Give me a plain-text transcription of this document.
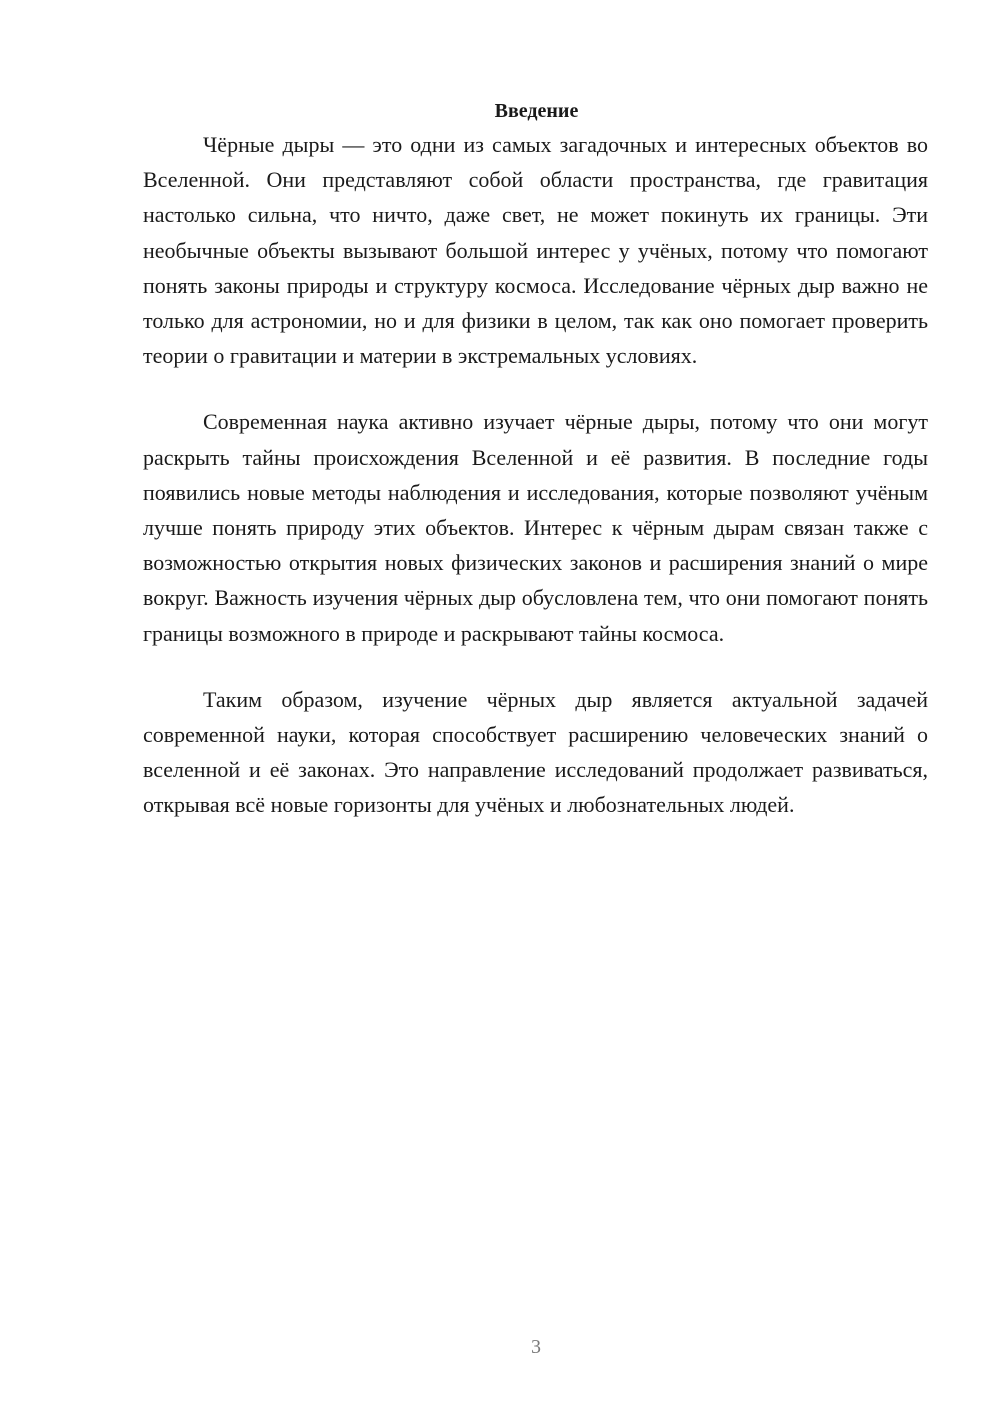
Введение

Чёрные дыры — это одни из самых загадочных и интересных объектов во Вселенной. Они представляют собой области пространства, где гравитация настолько сильна, что ничто, даже свет, не может покинуть их границы. Эти необычные объекты вызывают большой интерес у учёных, потому что помогают понять законы природы и структуру космоса. Исследование чёрных дыр важно не только для астрономии, но и для физики в целом, так как оно помогает проверить теории о гравитации и материи в экстремальных условиях.

Современная наука активно изучает чёрные дыры, потому что они могут раскрыть тайны происхождения Вселенной и её развития. В последние годы появились новые методы наблюдения и исследования, которые позволяют учёным лучше понять природу этих объектов. Интерес к чёрным дырам связан также с возможностью открытия новых физических законов и расширения знаний о мире вокруг. Важность изучения чёрных дыр обусловлена тем, что они помогают понять границы возможного в природе и раскрывают тайны космоса.

Таким образом, изучение чёрных дыр является актуальной задачей современной науки, которая способствует расширению человеческих знаний о вселенной и её законах. Это направление исследований продолжает развиваться, открывая всё новые горизонты для учёных и любознательных людей.

3
